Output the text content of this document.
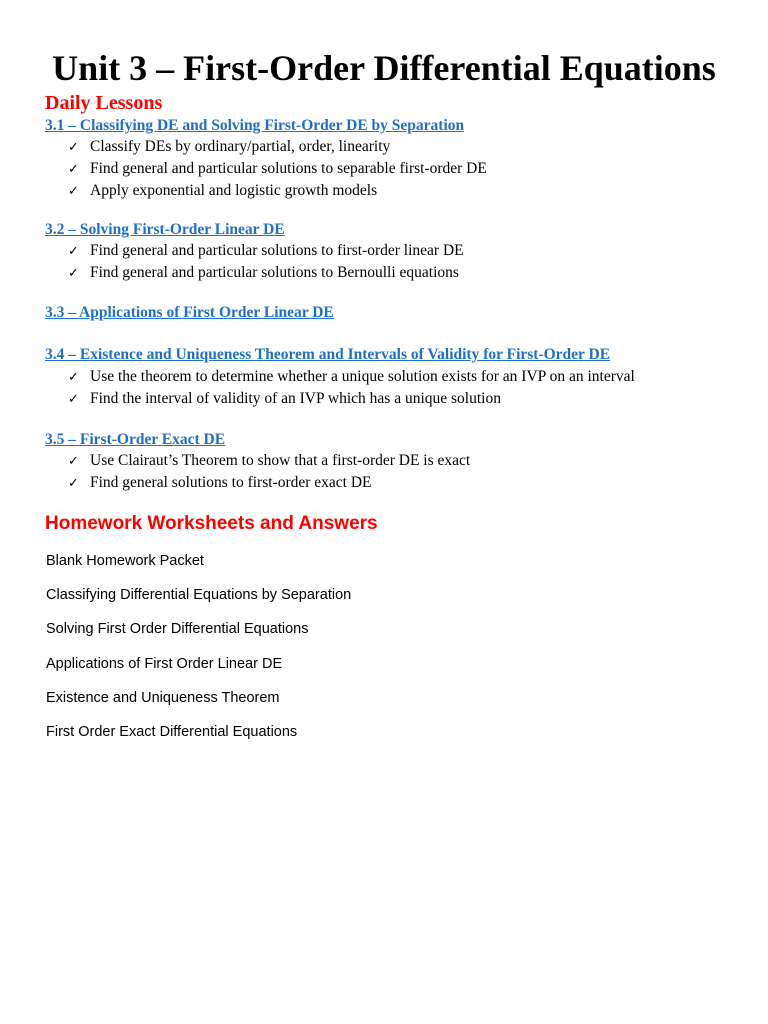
Unit 3 – First-Order Differential Equations
Daily Lessons
3.1 – Classifying DE and Solving First-Order DE by Separation
✓ Classify DEs by ordinary/partial, order, linearity
✓ Find general and particular solutions to separable first-order DE
✓ Apply exponential and logistic growth models
3.2 – Solving First-Order Linear DE
✓ Find general and particular solutions to first-order linear DE
✓ Find general and particular solutions to Bernoulli equations
3.3 – Applications of First Order Linear DE
3.4 – Existence and Uniqueness Theorem and Intervals of Validity for First-Order DE
✓ Use the theorem to determine whether a unique solution exists for an IVP on an interval
✓ Find the interval of validity of an IVP which has a unique solution
3.5 – First-Order Exact DE
✓ Use Clairaut’s Theorem to show that a first-order DE is exact
✓ Find general solutions to first-order exact DE
Homework Worksheets and Answers
Blank Homework Packet
Classifying Differential Equations by Separation
Solving First Order Differential Equations
Applications of First Order Linear DE
Existence and Uniqueness Theorem
First Order Exact Differential Equations
